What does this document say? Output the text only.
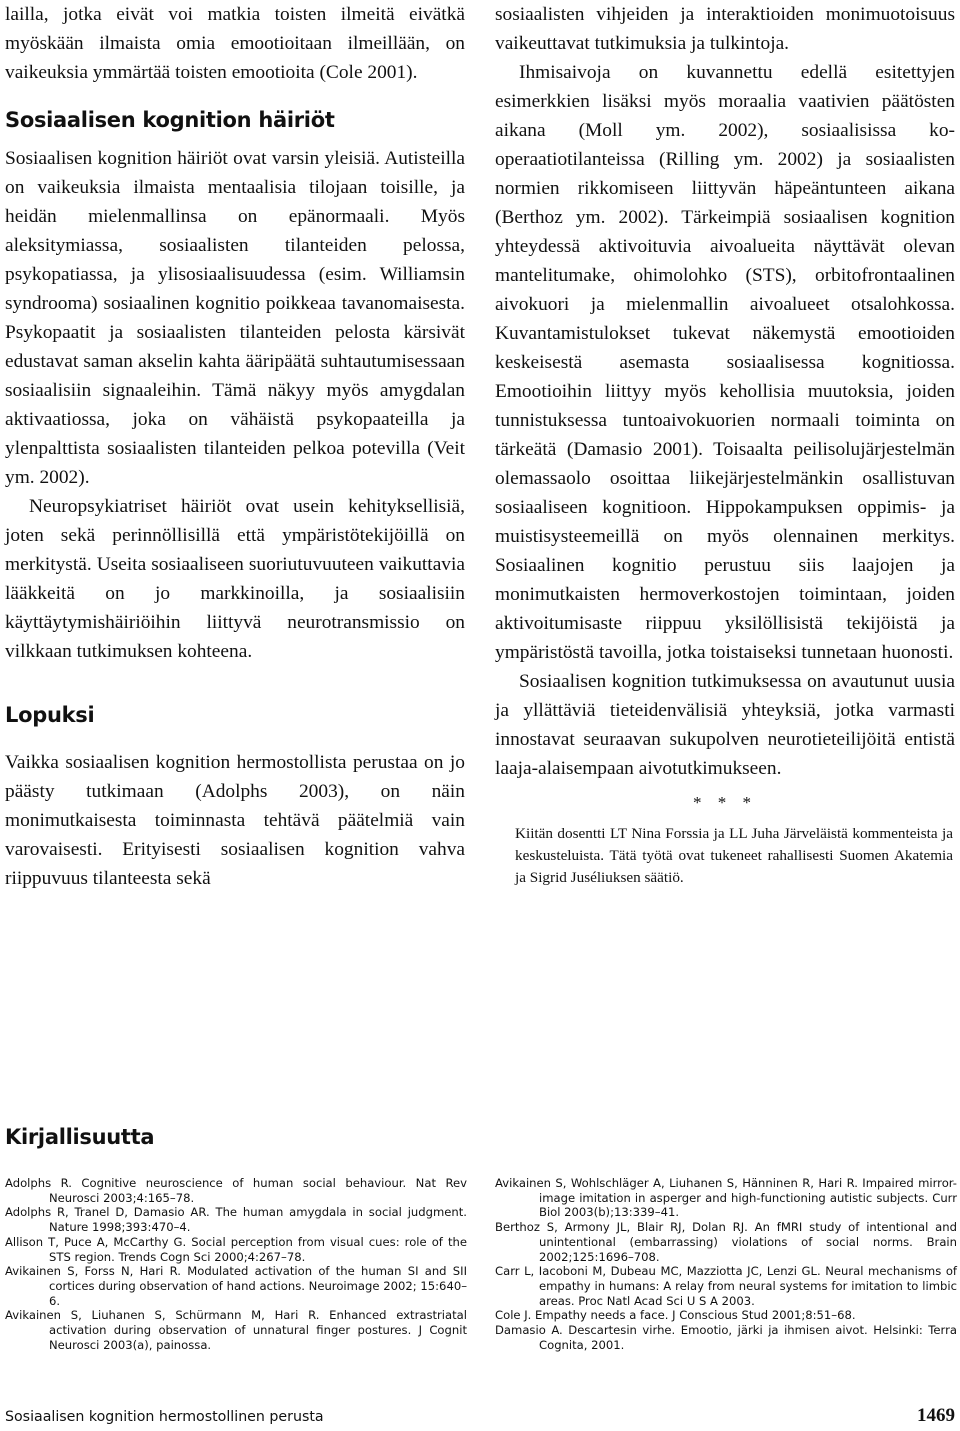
lailla, jotka eivät voi matkia toisten ilmeitä eivätkä myöskään ilmaista omia emootioitaan ilmeillään, on vaikeuksia ymmärtää toisten emootioita (Cole 2001).

Sosiaalisen kognition häiriöt

Sosiaalisen kognition häiriöt ovat varsin yleisiä. Autisteilla on vaikeuksia ilmaista mentaalisia tilojaan toisille, ja heidän mielenmallinsa on epänormaali. Myös aleksitymiassa, sosiaalisten tilanteiden pelossa, psykopatiassa, ja ylisosiaalisuudessa (esim. Williamsin syndrooma) sosiaalinen kognitio poikkeaa tavanomaisesta. Psykopaatit ja sosiaalisten tilanteiden pelosta kärsivät edustavat saman akselin kahta ääripäätä suhtautumisessaan sosiaalisiin signaaleihin. Tämä näkyy myös amygdalan aktivaatiossa, joka on vähäistä psykopaateilla ja ylenpalttista sosiaalisten tilanteiden pelkoa potevilla (Veit ym. 2002).

Neuropsykiatriset häiriöt ovat usein kehityksellisiä, joten sekä perinnöllisillä että ympäristötekijöillä on merkitystä. Useita sosiaaliseen suoriutuvuuteen vaikuttavia lääkkeitä on jo markkinoilla, ja sosiaalisiin käyttäytymishäiriöihin liittyvä neurotransmissio on vilkkaan tutkimuksen kohteena.

Lopuksi

Vaikka sosiaalisen kognition hermostollista perustaa on jo päästy tutkimaan (Adolphs 2003), on näin monimutkaisesta toiminnasta tehtävä päätelmiä vain varovaisesti. Erityisesti sosiaalisen kognition vahva riippuvuus tilanteesta sekä

sosiaalisten vihjeiden ja interaktioiden monimuotoisuus vaikeuttavat tutkimuksia ja tulkintoja.

Ihmisaivoja on kuvannettu edellä esitettyjen esimerkkien lisäksi myös moraalia vaativien päätösten aikana (Moll ym. 2002), sosiaalisissa ko-operaatiotilanteissa (Rilling ym. 2002) ja sosiaalisten normien rikkomiseen liittyvän häpeäntunteen aikana (Berthoz ym. 2002). Tärkeimpiä sosiaalisen kognition yhteydessä aktivoituvia aivoalueita näyttävät olevan mantelitumake, ohimolohko (STS), orbitofrontaalinen aivokuori ja mielenmallin aivoalueet otsalohkossa. Kuvantamistulokset tukevat näkemystä emootioiden keskeisestä asemasta sosiaalisessa kognitiossa. Emootioihin liittyy myös kehollisia muutoksia, joiden tunnistuksessa tuntoaivokuorien normaali toiminta on tärkeätä (Damasio 2001). Toisaalta peilisolujärjestelmän olemassaolo osoittaa liikejärjestelmänkin osallistuvan sosiaaliseen kognitioon. Hippokampuksen oppimis- ja muistisysteemeillä on myös olennainen merkitys. Sosiaalinen kognitio perustuu siis laajojen ja monimutkaisten hermoverkostojen toimintaan, joiden aktivoitumisaste riippuu yksilöllisistä tekijöistä ja ympäristöstä tavoilla, jotka toistaiseksi tunnetaan huonosti.

Sosiaalisen kognition tutkimuksessa on avautunut uusia ja yllättäviä tieteidenvälisiä yhteyksiä, jotka varmasti innostavat seuraavan sukupolven neurotieteilijöitä entistä laaja-alaisempaan aivotutkimukseen.

* * *

Kiitän dosentti LT Nina Forssia ja LL Juha Järveläistä kommenteista ja keskusteluista. Tätä työtä ovat tukeneet rahallisesti Suomen Akatemia ja Sigrid Juséliuksen säätiö.

Kirjallisuutta

Adolphs R. Cognitive neuroscience of human social behaviour. Nat Rev Neurosci 2003;4:165–78.

Adolphs R, Tranel D, Damasio AR. The human amygdala in social judgment. Nature 1998;393:470–4.

Allison T, Puce A, McCarthy G. Social perception from visual cues: role of the STS region. Trends Cogn Sci 2000;4:267–78.

Avikainen S, Forss N, Hari R. Modulated activation of the human SI and SII cortices during observation of hand actions. Neuroimage 2002; 15:640–6.

Avikainen S, Liuhanen S, Schürmann M, Hari R. Enhanced extrastriatal activation during observation of unnatural finger postures. J Cognit Neurosci 2003(a), painossa.

Avikainen S, Wohlschläger A, Liuhanen S, Hänninen R, Hari R. Impaired mirror-image imitation in asperger and high-functioning autistic subjects. Curr Biol 2003(b);13:339–41.

Berthoz S, Armony JL, Blair RJ, Dolan RJ. An fMRI study of intentional and unintentional (embarrassing) violations of social norms. Brain 2002;125:1696–708.

Carr L, Iacoboni M, Dubeau MC, Mazziotta JC, Lenzi GL. Neural mechanisms of empathy in humans: A relay from neural systems for imitation to limbic areas. Proc Natl Acad Sci U S A 2003.

Cole J. Empathy needs a face. J Conscious Stud 2001;8:51–68.

Damasio A. Descartesin virhe. Emootio, järki ja ihmisen aivot. Helsinki: Terra Cognita, 2001.

Sosiaalisen kognition hermostollinen perusta	1469
